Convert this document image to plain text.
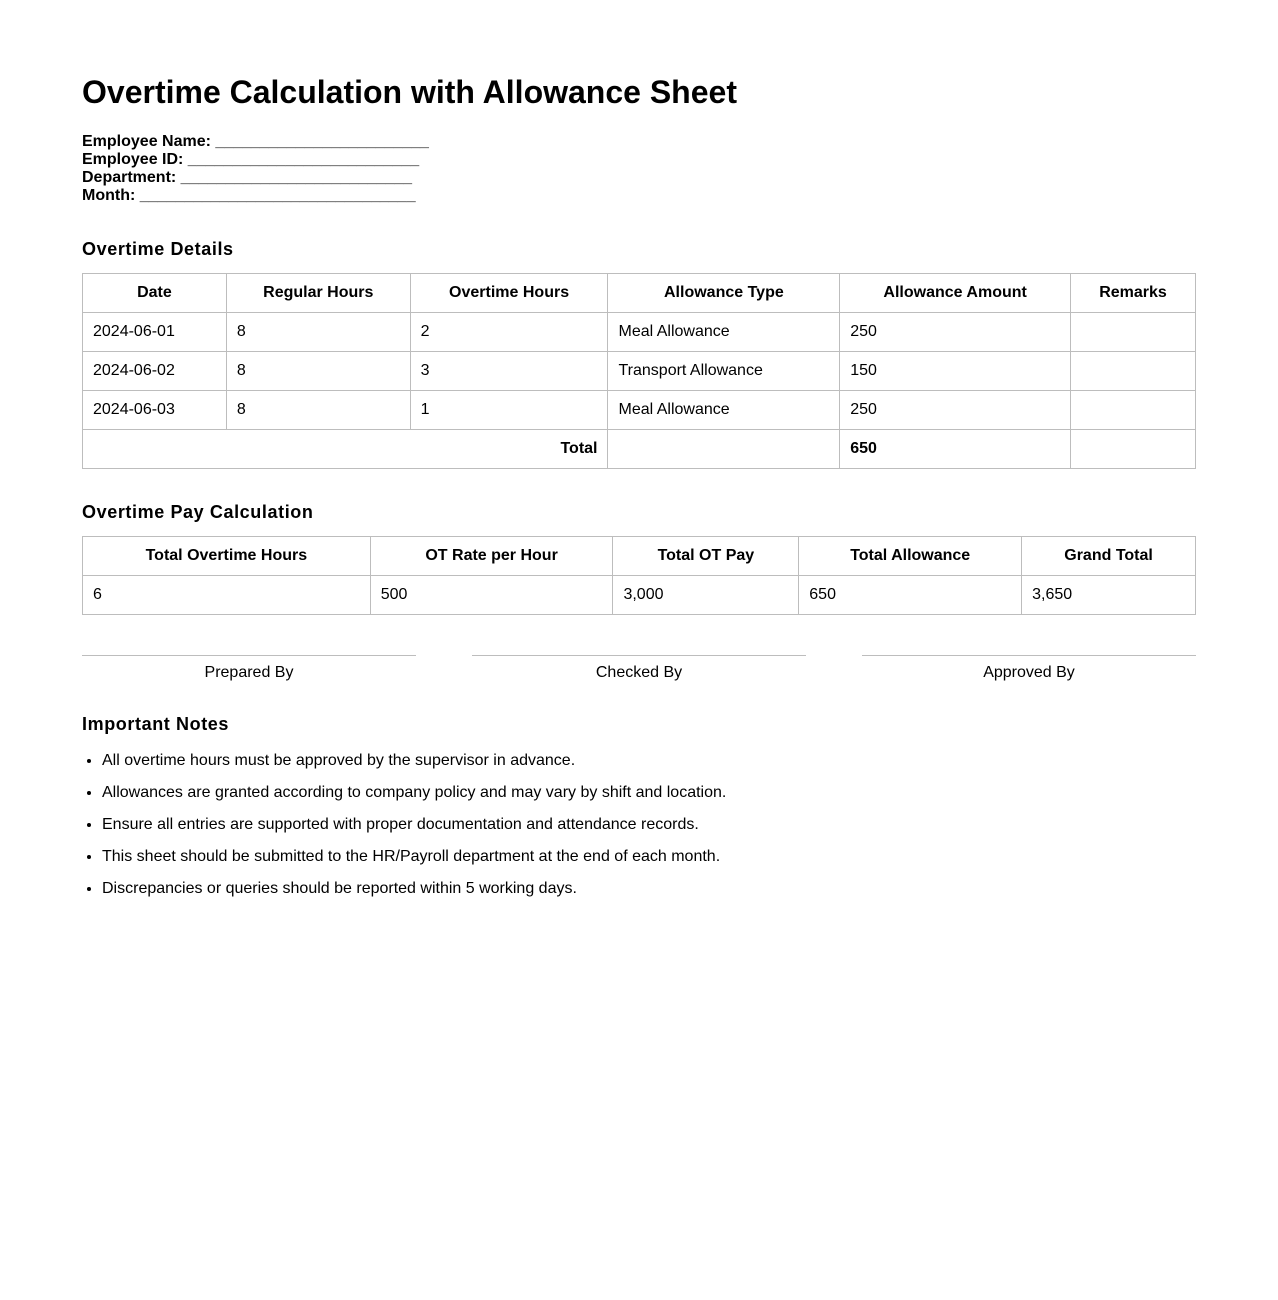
Overtime Calculation with Allowance Sheet
Employee Name: ________________________
Employee ID: __________________________
Department: __________________________
Month: _______________________________
Overtime Details
Date	Regular Hours	Overtime Hours	Allowance Type	Allowance Amount	Remarks
2024-06-01	8	2	Meal Allowance	250	
2024-06-02	8	3	Transport Allowance	150	
2024-06-03	8	1	Meal Allowance	250	
Total				650	
Overtime Pay Calculation
Total Overtime Hours	OT Rate per Hour	Total OT Pay	Total Allowance	Grand Total
6	500	3,000	650	3,650
Prepared By	Checked By	Approved By
Important Notes
• All overtime hours must be approved by the supervisor in advance.
• Allowances are granted according to company policy and may vary by shift and location.
• Ensure all entries are supported with proper documentation and attendance records.
• This sheet should be submitted to the HR/Payroll department at the end of each month.
• Discrepancies or queries should be reported within 5 working days.
